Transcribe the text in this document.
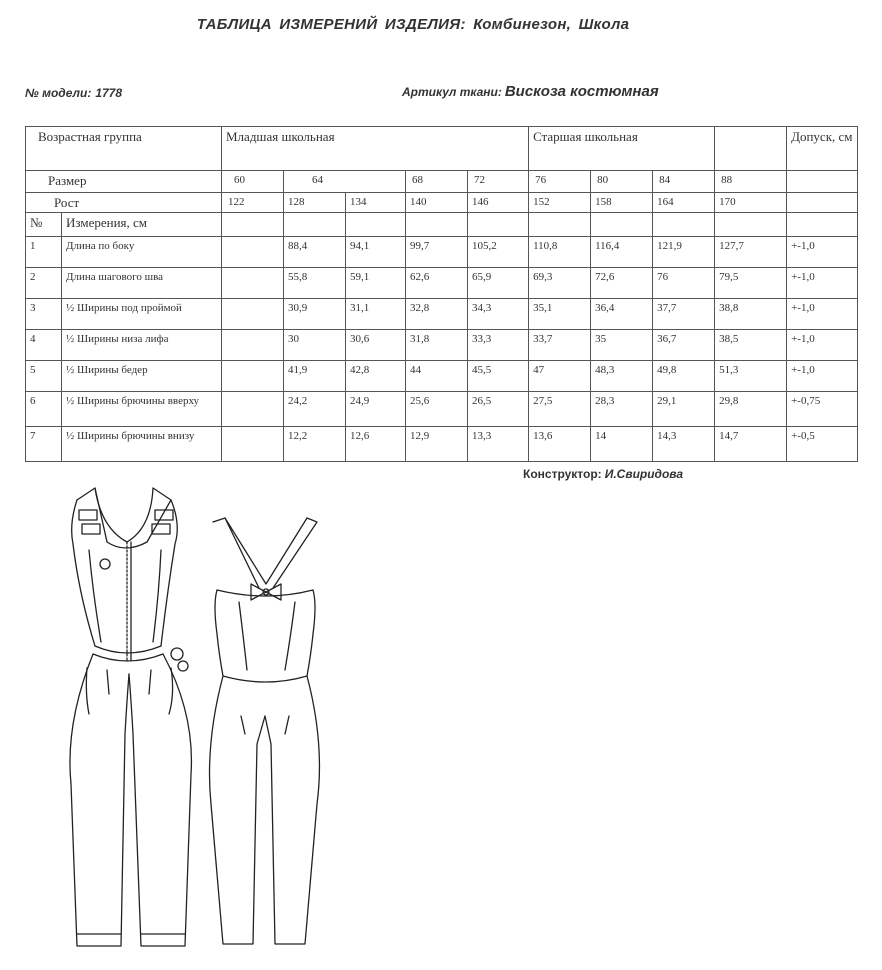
ТАБЛИЦА ИЗМЕРЕНИЙ ИЗДЕЛИЯ: Комбинезон, Школа
№ модели: 1778	Артикул ткани: Вискоза костюмная
Возрастная группа		Младшая школьная					Старшая школьная				Допуск, см
Размер		60	64		68	72	76	80	84	88	
Рост		122	128	134	140	146	152	158	164	170	
№	Измерения, см										
1	Длина по боку		88,4	94,1	99,7	105,2	110,8	116,4	121,9	127,7	+-1,0
2	Длина шагового шва		55,8	59,1	62,6	65,9	69,3	72,6	76	79,5	+-1,0
3	½ Ширины под проймой		30,9	31,1	32,8	34,3	35,1	36,4	37,7	38,8	+-1,0
4	½ Ширины низа лифа		30	30,6	31,8	33,3	33,7	35	36,7	38,5	+-1,0
5	½ Ширины бедер		41,9	42,8	44	45,5	47	48,3	49,8	51,3	+-1,0
6	½ Ширины брючины вверху		24,2	24,9	25,6	26,5	27,5	28,3	29,1	29,8	+-0,75
7	½ Ширины брючины внизу		12,2	12,6	12,9	13,3	13,6	14	14,3	14,7	+-0,5
Конструктор: И.Свиридова
